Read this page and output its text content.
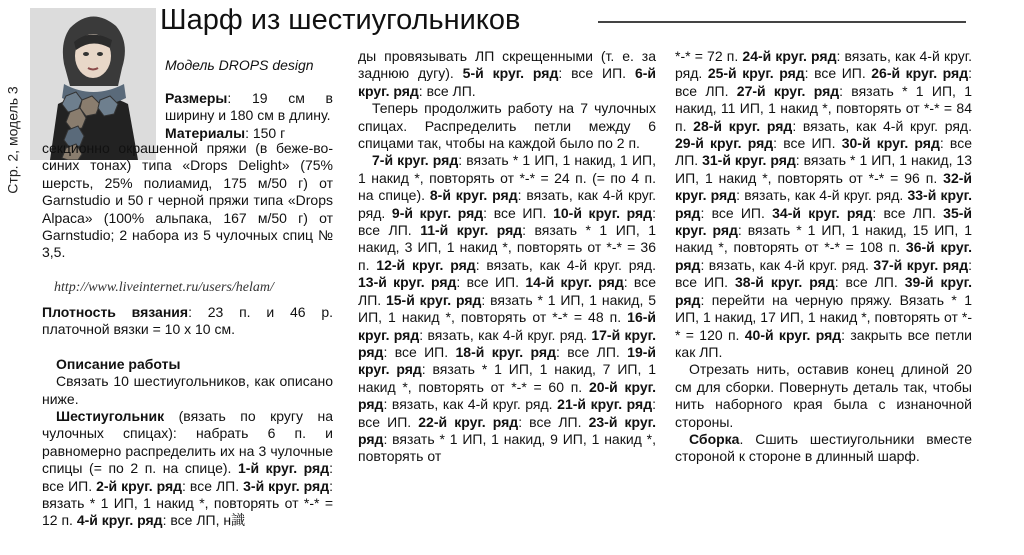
Стр. 2, модель 3
Шарф из шестиугольников
Модель DROPS design

Размеры: 19 см в ширину и 180 см в длину.

Материалы: 150 г

секционно окрашенной пряжи (в беже-во-синих тонах) типа «Drops Delight» (75% шерсть, 25% полиамид, 175 м/50 г) от Garnstudio и 50 г черной пряжи типа «Drops Alpaca» (100% альпака, 167 м/50 г) от Garnstudio; 2 набора из 5 чулочных спиц № 3,5.

http://www.liveinternet.ru/users/helam/

Плотность вязания: 23 п. и 46 р. платочной вязки = 10 х 10 см.

Описание работы

Связать 10 шестиугольников, как описано ниже.

Шестиугольник (вязать по кругу на чулочных спицах): набрать 6 п. и равномерно распределить их на 3 чулочные спицы (= по 2 п. на спице). 1-й круг. ряд: все ИП. 2-й круг. ряд: все ЛП. 3-й круг. ряд: вязать * 1 ИП, 1 накид *, повторять от *-* = 12 п. 4-й круг. ряд: все ЛП, н識

ды провязывать ЛП скрещенными (т. е. за заднюю дугу). 5-й круг. ряд: все ИП. 6-й круг. ряд: все ЛП.

Теперь продолжить работу на 7 чулочных спицах. Распределить петли между 6 спицами так, чтобы на каждой было по 2 п.

7-й круг. ряд: вязать * 1 ИП, 1 накид, 1 ИП, 1 накид *, повторять от *-* = 24 п. (= по 4 п. на спице). 8-й круг. ряд: вязать, как 4-й круг. ряд. 9-й круг. ряд: все ИП. 10-й круг. ряд: все ЛП. 11-й круг. ряд: вязать * 1 ИП, 1 накид, 3 ИП, 1 накид *, повторять от *-* = 36 п. 12-й круг. ряд: вязать, как 4-й круг. ряд. 13-й круг. ряд: все ИП. 14-й круг. ряд: все ЛП. 15-й круг. ряд: вязать * 1 ИП, 1 накид, 5 ИП, 1 накид *, повторять от *-* = 48 п. 16-й круг. ряд: вязать, как 4-й круг. ряд. 17-й круг. ряд: все ИП. 18-й круг. ряд: все ЛП. 19-й круг. ряд: вязать * 1 ИП, 1 накид, 7 ИП, 1 накид *, повторять от *-* = 60 п. 20-й круг. ряд: вязать, как 4-й круг. ряд. 21-й круг. ряд: все ИП. 22-й круг. ряд: все ЛП. 23-й круг. ряд: вязать * 1 ИП, 1 накид, 9 ИП, 1 накид *, повторять от

*-* = 72 п. 24-й круг. ряд: вязать, как 4-й круг. ряд. 25-й круг. ряд: все ИП. 26-й круг. ряд: все ЛП. 27-й круг. ряд: вязать * 1 ИП, 1 накид, 11 ИП, 1 накид *, повторять от *-* = 84 п. 28-й круг. ряд: вязать, как 4-й круг. ряд. 29-й круг. ряд: все ИП. 30-й круг. ряд: все ЛП. 31-й круг. ряд: вязать * 1 ИП, 1 накид, 13 ИП, 1 накид *, повторять от *-* = 96 п. 32-й круг. ряд: вязать, как 4-й круг. ряд. 33-й круг. ряд: все ИП. 34-й круг. ряд: все ЛП. 35-й круг. ряд: вязать * 1 ИП, 1 накид, 15 ИП, 1 накид *, повторять от *-* = 108 п. 36-й круг. ряд: вязать, как 4-й круг. ряд. 37-й круг. ряд: все ИП. 38-й круг. ряд: все ЛП. 39-й круг. ряд: перейти на черную пряжу. Вязать * 1 ИП, 1 накид, 17 ИП, 1 накид *, повторять от *-* = 120 п. 40-й круг. ряд: закрыть все петли как ЛП.

Отрезать нить, оставив конец длиной 20 см для сборки. Повернуть деталь так, чтобы нить наборного края была с изнаночной стороны.

Сборка. Сшить шестиугольники вместе стороной к стороне в длинный шарф.
